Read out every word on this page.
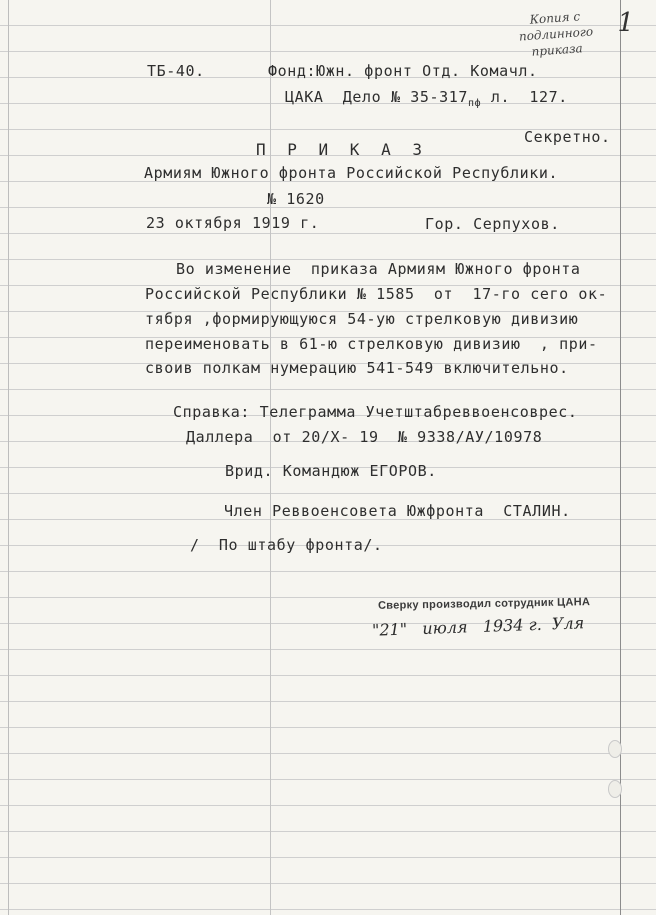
Копия с
подлинного приказа
1
ТБ-40.	Фонд:Южн. фронт Отд. Комачл.
ЦАКА  Дело № $35-317_{пф}$ л.  127.
Секретно.
П Р И К А З
Армиям Южного фронта Российской Республики.
№ 1620
23 октября 1919 г.	Гор. Серпухов.
Во изменение  приказа Армиям Южного фронта
Российской Республики № 1585  от  17-го сего ок-
тября ,формирующуюся 54-ую стрелковую дивизию
переименовать в 61-ю стрелковую дивизию  , при-
своив полкам нумерацию 541-549 включительно.
Справка: Телеграмма Учетштабреввоенсоврес.
Даллера  от 20/Х- 19  № 9338/АУ/10978
Врид. Командюж ЕГОРОВ.
Член Реввоенсовета Южфронта  СТАЛИН.
/  По штабу фронта/.
Сверку производил сотрудник ЦАНА
"21"   июля   1934 г.  Уля
